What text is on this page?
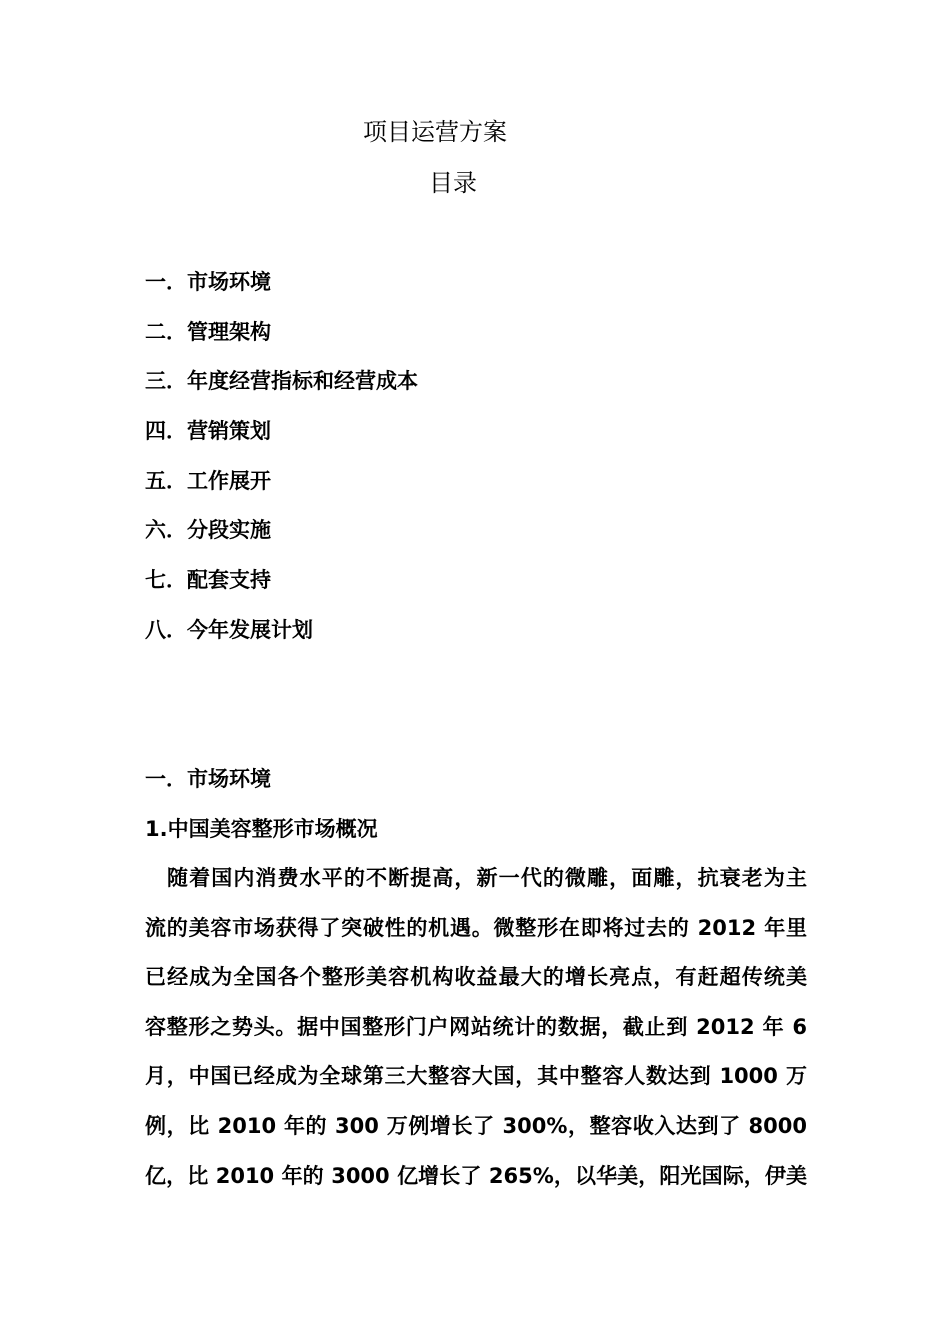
项目运营方案
目录
一．市场环境
二．管理架构
三．年度经营指标和经营成本
四．营销策划
五．工作展开
六．分段实施
七．配套支持
八．今年发展计划
一．市场环境
1.中国美容整形市场概况
随着国内消费水平的不断提高，新一代的微雕，面雕，抗衰老为主
流的美容市场获得了突破性的机遇。微整形在即将过去的 2012 年里
已经成为全国各个整形美容机构收益最大的增长亮点，有赶超传统美
容整形之势头。据中国整形门户网站统计的数据，截止到 2012 年 6
月，中国已经成为全球第三大整容大国，其中整容人数达到 1000 万
例，比 2010 年的 300 万例增长了 300%，整容收入达到了 8000
亿，比 2010 年的 3000 亿增长了 265%，以华美，阳光国际，伊美
